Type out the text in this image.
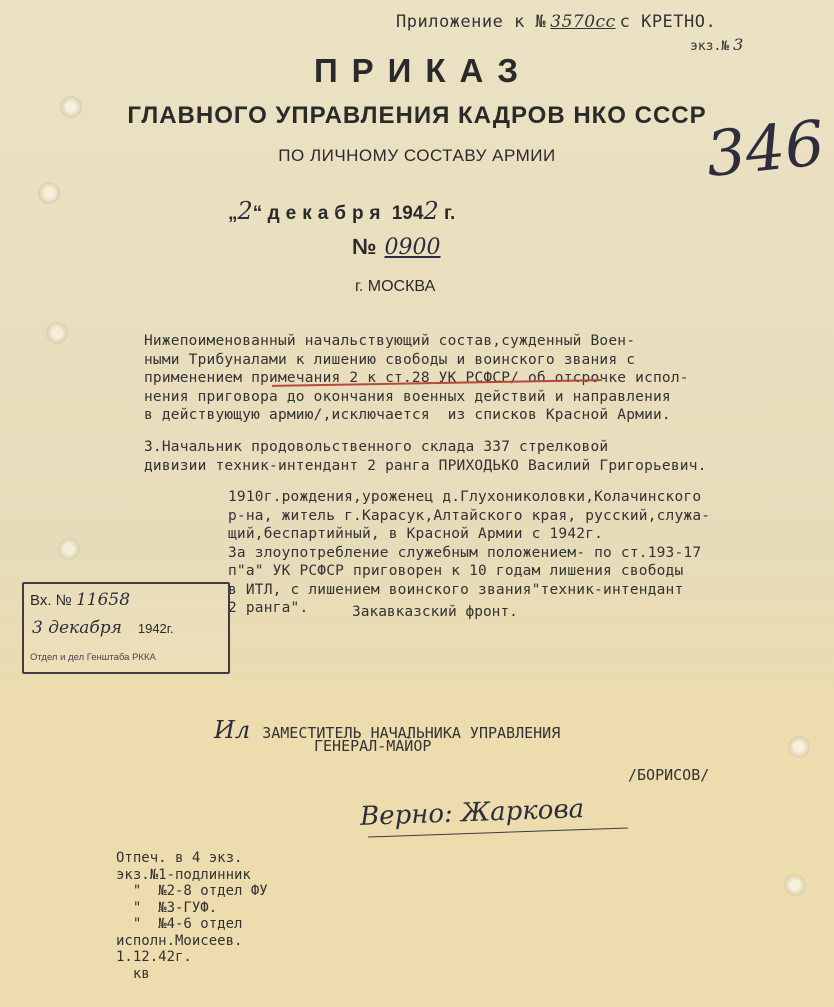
Приложение к № 3570сс с КРЕТНО.
экз.№ 3
ПРИКАЗ
ГЛАВНОГО УПРАВЛЕНИЯ КАДРОВ НКО СССР
ПО ЛИЧНОМУ СОСТАВУ АРМИИ	346
„2“ декабря 1942 г.
№ 0900
г. МОСКВА
Нижепоименованный начальствующий состав,сужденный Воен-
ными Трибуналами к лишению свободы и воинского звания с
применением примечания 2 к ст.28 УК РСФСР/ об отсрочке испол-
нения приговора до окончания военных действий и направления
в действующую армию/,исключается  из списков Красной Армии.
3.Начальник продовольственного склада 337 стрелковой
дивизии техник-интендант 2 ранга ПРИХОДЬКО Василий Григорьевич.
1910г.рождения,уроженец д.Глухониколовки,Колачинского
р-на, житель г.Карасук,Алтайского края, русский,служа-
щий,беспартийный, в Красной Армии с 1942г.
За злоупотребление служебным положением- по ст.193-17
п"а" УК РСФСР приговорен к 10 годам лишения свободы
в ИТЛ, с лишением воинского звания"техник-интендант
2 ранга".	Закавказский фронт.
Вх. № 11658
3 декабря 1942г.
Отдел и дел Генштаба РККА
Ил ЗАМЕСТИТЕЛЬ НАЧАЛЬНИКА УПРАВЛЕНИЯ
ГЕНЕРАЛ-МАЙОР
/БОРИСОВ/
Верно: Жаркова
Отпеч. в 4 экз.
экз.№1-подлинник
"  №2-8 отдел ФУ
"  №3-ГУФ.
"  №4-6 отдел
исполн.Моисеев.
1.12.42г.
кв
